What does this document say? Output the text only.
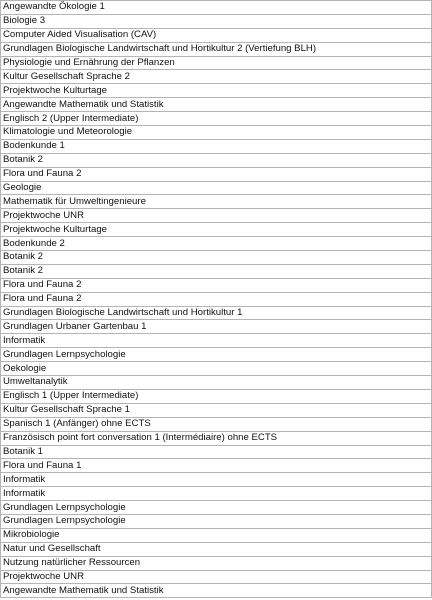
Angewandte Ökologie 1
Biologie 3
Computer Aided Visualisation (CAV)
Grundlagen Biologische Landwirtschaft und Hortikultur 2 (Vertiefung BLH)
Physiologie und Ernährung der Pflanzen
Kultur Gesellschaft Sprache 2
Projektwoche Kulturtage
Angewandte Mathematik und Statistik
Englisch 2 (Upper Intermediate)
Klimatologie und Meteorologie
Bodenkunde 1
Botanik 2
Flora und Fauna 2
Geologie
Mathematik für Umweltingenieure
Projektwoche UNR
Projektwoche Kulturtage
Bodenkunde 2
Botanik 2
Botanik 2
Flora und Fauna 2
Flora und Fauna 2
Grundlagen Biologische Landwirtschaft und Hortikultur 1
Grundlagen Urbaner Gartenbau 1
Informatik
Grundlagen Lernpsychologie
Oekologie
Umweltanalytik
Englisch 1 (Upper Intermediate)
Kultur Gesellschaft Sprache 1
Spanisch 1 (Anfänger) ohne ECTS
Französisch point fort conversation 1 (Intermédiaire) ohne ECTS
Botanik 1
Flora und Fauna 1
Informatik
Informatik
Grundlagen Lernpsychologie
Grundlagen Lernpsychologie
Mikrobiologie
Natur und Gesellschaft
Nutzung natürlicher Ressourcen
Projektwoche UNR
Angewandte Mathematik und Statistik
